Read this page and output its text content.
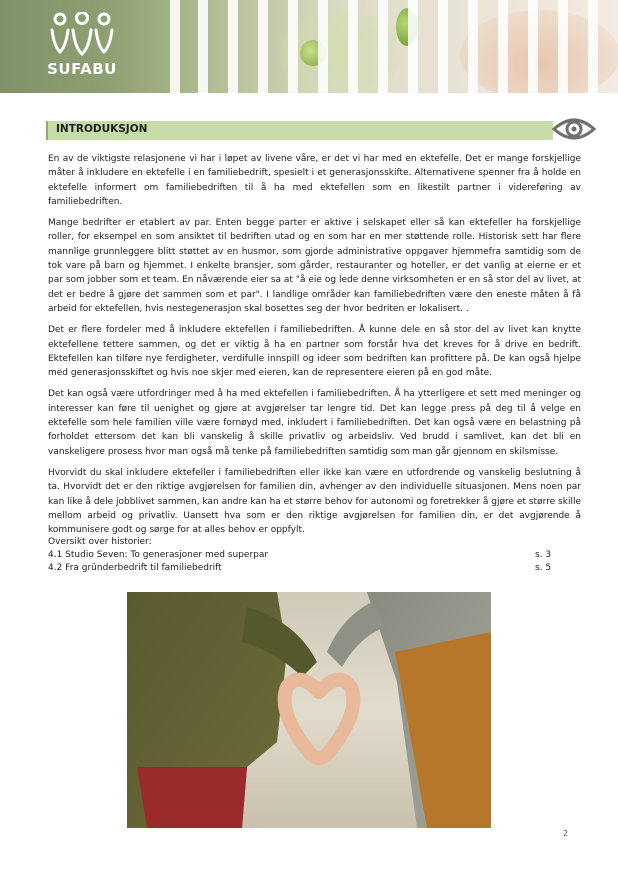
SUFABU
INTRODUKSJON

En av de viktigste relasjonene vi har i løpet av livene våre, er det vi har med en ektefelle. Det er mange forskjellige måter å inkludere en ektefelle i en familiebedrift, spesielt i et generasjonsskifte. Alternativene spenner fra å holde en ektefelle informert om familiebedriften til å ha med ektefellen som en likestilt partner i videreføring av familiebedriften.

Mange bedrifter er etablert av par. Enten begge parter er aktive i selskapet eller så kan ektefeller ha forskjellige roller, for eksempel en som ansiktet til bedriften utad og en som har en mer støttende rolle. Historisk sett har flere mannlige grunnleggere blitt støttet av en husmor, som gjorde administrative oppgaver hjemmefra samtidig som de tok vare på barn og hjemmet. I enkelte bransjer, som gårder, restauranter og hoteller, er det vanlig at eierne er et par som jobber som et team. En nåværende eier sa at "å eie og lede denne virksomheten er en så stor del av livet, at det er bedre å gjøre det sammen som et par". I landlige områder kan familiebedriften være den eneste måten å få arbeid for ektefellen, hvis nestegenerasjon skal bosettes seg der hvor bedriten er lokalisert. .

Det er flere fordeler med å inkludere ektefellen i familiebedriften. Å kunne dele en så stor del av livet kan knytte ektefellene tettere sammen, og det er viktig å ha en partner som forstår hva det kreves for å drive en bedrift. Ektefellen kan tilføre nye ferdigheter, verdifulle innspill og ideer som bedriften kan profittere på. De kan også hjelpe med generasjonsskiftet og hvis noe skjer med eieren, kan de representere eieren på en god måte.

Det kan også være utfordringer med å ha med ektefellen i familiebedriften. Å ha ytterligere et sett med meninger og interesser kan føre til uenighet og gjøre at avgjørelser tar lengre tid. Det kan legge press på deg til å velge en ektefelle som hele familien ville være fornøyd med, inkludert i familiebedriften. Det kan også være en belastning på forholdet ettersom det kan bli vanskelig å skille privatliv og arbeidsliv. Ved brudd i samlivet, kan det bli en vanskeligere prosess hvor man også må tenke på familiebedriften samtidig som man går gjennom en skilsmisse.

Hvorvidt du skal inkludere ektefeller i familiebedriften eller ikke kan være en utfordrende og vanskelig beslutning å ta. Hvorvidt det er den riktige avgjørelsen for familien din, avhenger av den individuelle situasjonen. Mens noen par kan like å dele jobblivet sammen, kan andre kan ha et større behov for autonomi og foretrekker å gjøre et større skille mellom arbeid og privatliv. Uansett hva som er den riktige avgjørelsen for familien din, er det avgjørende å kommunisere godt og sørge for at alles behov er oppfylt.

Oversikt over historier:
4.1 Studio Seven: To generasjoner med superpar	s. 3
4.2 Fra gründerbedrift til familiebedrift	s. 5
2
